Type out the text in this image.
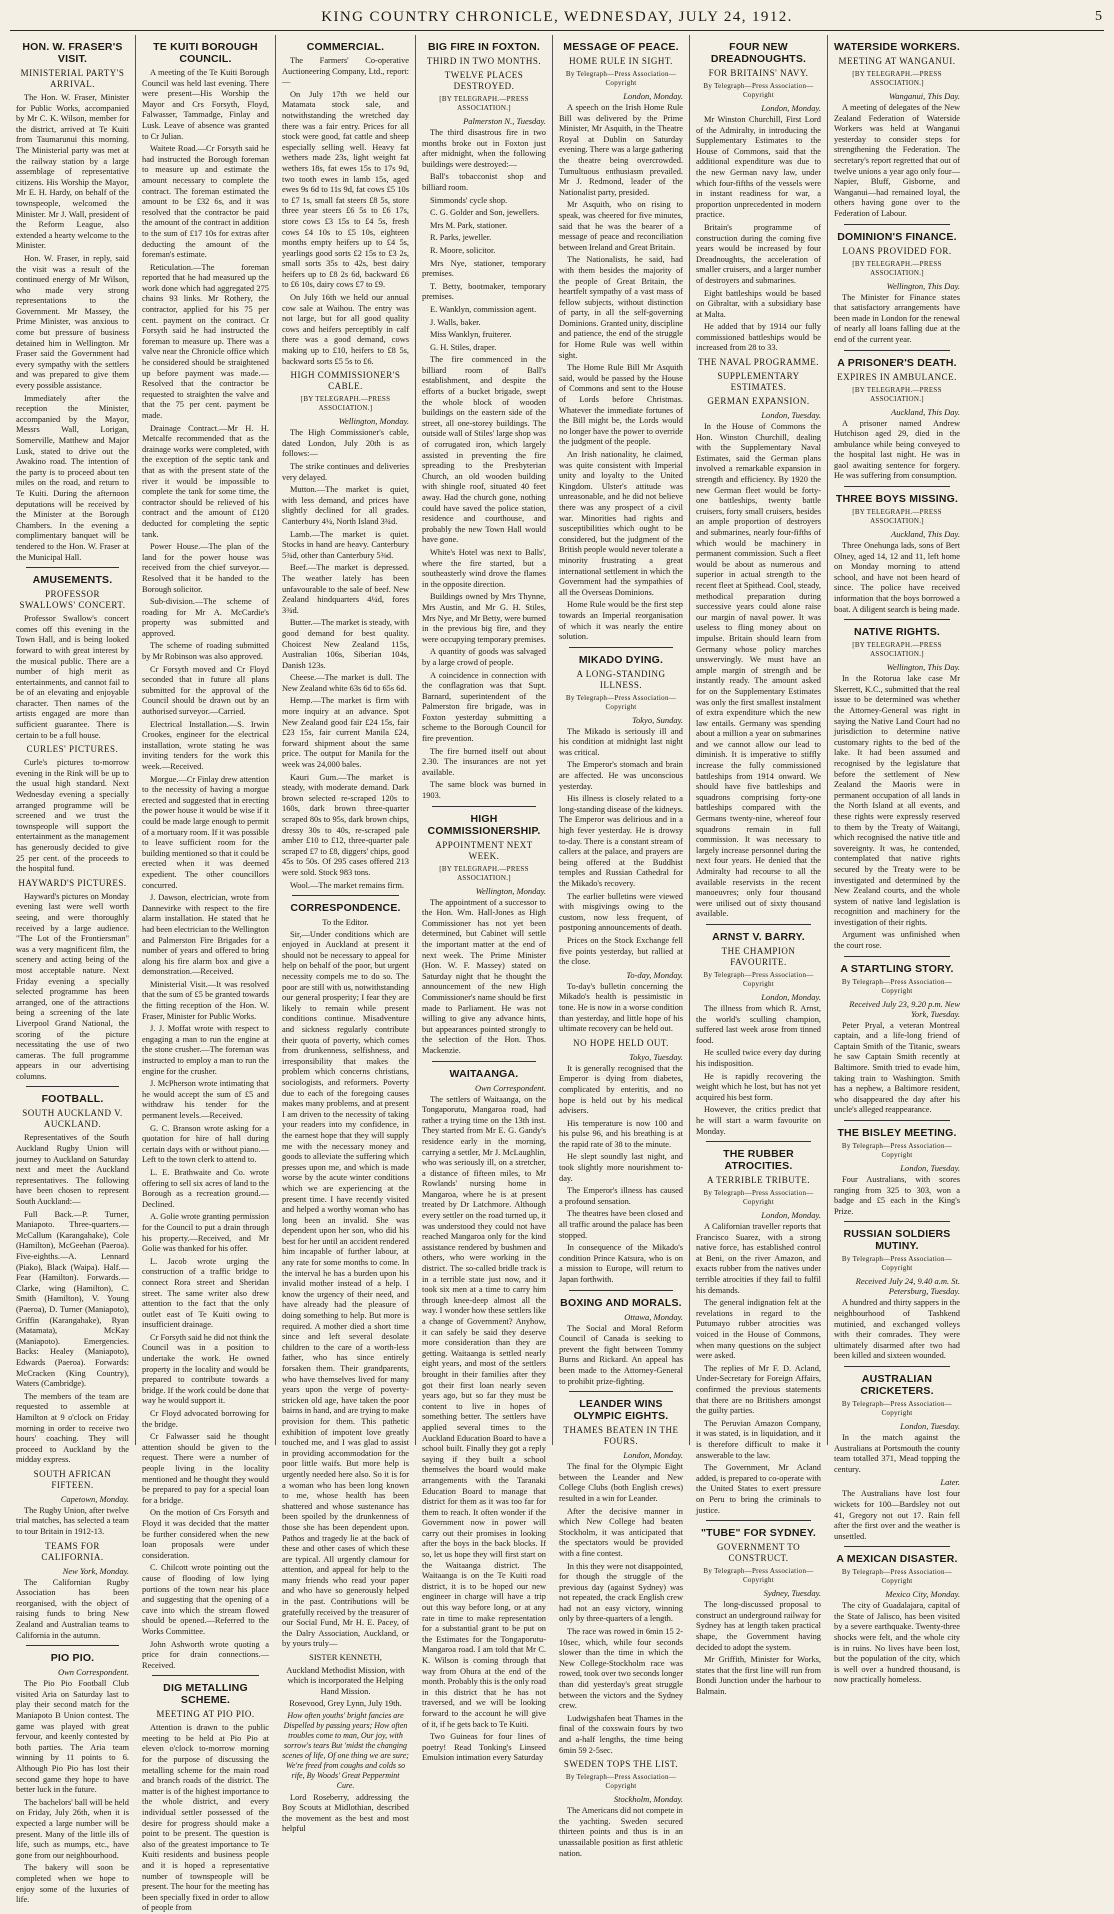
KING COUNTRY CHRONICLE, WEDNESDAY, JULY 24, 1912.	5
HON. W. FRASER'S VISIT.
MINISTERIAL PARTY'S ARRIVAL.

The Hon. W. Fraser, Minister for Public Works, accompanied by Mr C. K. Wilson, member for the district, arrived at Te Kuiti from Taumarunui this morning. The Ministerial party was met at the railway station by a large assemblage of representative citizens. His Worship the Mayor, Mr E. H. Hardy, on behalf of the townspeople, welcomed the Minister. Mr J. Wall, president of the Reform League, also extended a hearty welcome to the Minister.

Hon. W. Fraser, in reply, said the visit was a result of the continued energy of Mr Wilson, who made very strong representations to the Government. Mr Massey, the Prime Minister, was anxious to come but pressure of business detained him in Wellington. Mr Fraser said the Government had every sympathy with the settlers and was prepared to give them every possible assistance.

Immediately after the reception the Minister, accompanied by the Mayor, Messrs Wall, Lorigan, Somerville, Matthew and Major Lusk, stated to drive out the Awakino road. The intention of the party is to proceed about ten miles on the road, and return to Te Kuiti. During the afternoon deputations will be received by the Minister at the Borough Chambers. In the evening a complimentary banquet will be tendered to the Hon. W. Fraser at the Municipal Hall.

AMUSEMENTS.
PROFESSOR SWALLOWS' CONCERT.

Professor Swallow's concert comes off this evening in the Town Hall, and is being looked forward to with great interest by the musical public. There are a number of high merit as entertainments, and cannot fail to be of an elevating and enjoyable character. Then names of the artists engaged are more than sufficient guarantee. There is certain to be a full house.

CURLES' PICTURES.

Curle's pictures to-morrow evening in the Rink will be up to the usual high standard. Next Wednesday evening a specially arranged programme will be screened and we trust the townspeople will support the entertainment as the management has generously decided to give 25 per cent. of the proceeds to the hospital fund.

HAYWARD'S PICTURES.

Hayward's pictures on Monday evening last were well worth seeing, and were thoroughly received by a large audience. "The Lot of the Frontiersman" was a very magnificent film, the scenery and acting being of the most acceptable nature. Next Friday evening a specially selected programme has been arranged, one of the attractions being a screening of the late Liverpool Grand National, the scoring of the picture necessitating the use of two cameras. The full programme appears in our advertising columns.

FOOTBALL.
SOUTH AUCKLAND V. AUCKLAND.

Representatives of the South Auckland Rugby Union will journey to Auckland on Saturday next and meet the Auckland representatives. The following have been chosen to represent South Auckland:—

Full Back.—P. Turner, Maniapoto. Three-quarters.—McCallum (Karangahake), Cole (Hamilton), McGeehan (Paeroa). Five-eighths.—A. Lennard (Piako), Black (Waipa). Half.—Fear (Hamilton). Forwards.—Clarke, wing (Hamilton), C. Smith (Hamilton), V. Young (Paeroa), D. Turner (Maniapoto), Griffin (Karangahake), Ryan (Matamata), McKay (Maniapoto). Emergencies. Backs: Healey (Maniapoto), Edwards (Paeroa). Forwards: McCracken (King Country), Waters (Cambridge).

The members of the team are requested to assemble at Hamilton at 9 o'clock on Friday morning in order to receive two hours' coaching. They will proceed to Auckland by the midday express.

SOUTH AFRICAN FIFTEEN.
Capetown, Monday.

The Rugby Union, after twelve trial matches, has selected a team to tour Britain in 1912-13.

TEAMS FOR CALIFORNIA.
New York, Monday.

The Californian Rugby Association has been reorganised, with the object of raising funds to bring New Zealand and Australian teams to California in the autumn.

PIO PIO.
Own Correspondent.

The Pio Pio Football Club visited Aria on Saturday last to play their second match for the Maniapoto B Union contest. The game was played with great fervour, and keenly contested by both parties. The Aria team winning by 11 points to 6. Although Pio Pio has lost their second game they hope to have better luck in the future.

The bachelors' ball will be held on Friday, July 26th, when it is expected a large number will be present. Many of the little ills of life, such as mumps, etc., have gone from our neighbourhood.

The bakery will soon be completed when we hope to enjoy some of the luxuries of life.

TE KUITI BOROUGH COUNCIL.

A meeting of the Te Kuiti Borough Council was held last evening. There were present—His Worship the Mayor and Crs Forsyth, Floyd, Falwasser, Tammadge, Finlay and Lusk. Leave of absence was granted to Cr Julian.

Waitete Road.—Cr Forsyth said he had instructed the Borough foreman to measure up and estimate the amount necessary to complete the contract. The foreman estimated the amount to be £32 6s, and it was resolved that the contractor be paid the amount of the contract in addition to the sum of £17 10s for extras after deducting the amount of the foreman's estimate.

Reticulation.—The foreman reported that he had measured up the work done which had aggregated 275 chains 93 links. Mr Rothery, the contractor, applied for his 75 per cent. payment on the contract. Cr Forsyth said he had instructed the foreman to measure up. There was a valve near the Chronicle office which he considered should be straightened up before payment was made.—Resolved that the contractor be requested to straighten the valve and that the 75 per cent. payment be made.

Drainage Contract.—Mr H. H. Metcalfe recommended that as the drainage works were completed, with the exception of the septic tank and that as with the present state of the river it would be impossible to complete the tank for some time, the contractor should be relieved of his contract and the amount of £120 deducted for completing the septic tank.

Power House.—The plan of the land for the power house was received from the chief surveyor.—Resolved that it be handed to the Borough solicitor.

Sub-division.—The scheme of roading for Mr A. McCardie's property was submitted and approved.

The scheme of roading submitted by Mr Robinson was also approved.

Cr Forsyth moved and Cr Floyd seconded that in future all plans submitted for the approval of the Council should be drawn out by an authorised surveyor.—Carried.

Electrical Installation.—S. Irwin Crookes, engineer for the electrical installation, wrote stating he was inviting tenders for the work this week.—Received.

Morgue.—Cr Finlay drew attention to the necessity of having a morgue erected and suggested that in erecting the power house it would be wise if it could be made large enough to permit of a mortuary room. If it was possible to leave sufficient room for the building mentioned so that it could be erected when it was deemed expedient. The other councillors concurred.

J. Dawson, electrician, wrote from Dannevirke with respect to the fire alarm installation. He stated that he had been electrician to the Wellington and Palmerston Fire Brigades for a number of years and offered to bring along his fire alarm box and give a demonstration.—Received.

Ministerial Visit.—It was resolved that the sum of £5 be granted towards the fitting reception of the Hon. W. Fraser, Minister for Public Works.

J. J. Moffat wrote with respect to engaging a man to run the engine at the stone crusher.—The foreman was instructed to employ a man to run the engine for the crusher.

J. McPherson wrote intimating that he would accept the sum of £5 and withdraw his tender for the permanent levels.—Received.

G. C. Branson wrote asking for a quotation for hire of hall during certain days with or without piano.—Left to the town clerk to attend to.

L. E. Brathwaite and Co. wrote offering to sell six acres of land to the Borough as a recreation ground.—Declined.

A. Golie wrote granting permission for the Council to put a drain through his property.—Received, and Mr Golie was thanked for his offer.

L. Jacob wrote urging the construction of a traffic bridge to connect Rora street and Sheridan street. The same writer also drew attention to the fact that the only outlet east of Te Kuiti owing to insufficient drainage.

Cr Forsyth said he did not think the Council was in a position to undertake the work. He owned property in the locality and would be prepared to contribute towards a bridge. If the work could be done that way he would support it.

Cr Floyd advocated borrowing for the bridge.

Cr Falwasser said he thought attention should be given to the request. There were a number of people living in the locality mentioned and he thought they would be prepared to pay for a special loan for a bridge.

On the motion of Crs Forsyth and Floyd it was decided that the matter be further considered when the new loan proposals were under consideration.

C. Chilcott wrote pointing out the cause of flooding of low lying portions of the town near his place and suggesting that the opening of a cave into which the stream flowed should be opened.—Referred to the Works Committee.

John Ashworth wrote quoting a price for drain connections.—Received.

DIG METALLING SCHEME.
MEETING AT PIO PIO.

Attention is drawn to the public meeting to be held at Pio Pio at eleven o'clock to-morrow morning for the purpose of discussing the metalling scheme for the main road and branch roads of the district. The matter is of the highest importance to the whole district, and every individual settler possessed of the desire for progress should make a point to be present. The question is also of the greatest importance to Te Kuiti residents and business people and it is hoped a representative number of townspeople will be present. The hour for the meeting has been specially fixed in order to allow of people from

COMMERCIAL.

The Farmers' Co-operative Auctioneering Company, Ltd., report:—

On July 17th we held our Matamata stock sale, and notwithstanding the wretched day there was a fair entry. Prices for all stock were good, fat cattle and sheep especially selling well. Heavy fat wethers made 23s, light weight fat wethers 18s, fat ewes 15s to 17s 9d, two tooth ewes in lamb 15s, aged ewes 9s 6d to 11s 9d, fat cows £5 10s to £7 1s, small fat steers £8 5s, store three year steers £6 5s to £6 17s, store cows £3 15s to £4 5s, fresh cows £4 10s to £5 10s, eighteen months empty heifers up to £4 5s, yearlings good sorts £2 15s to £3 2s, small sorts 35s to 42s, best dairy heifers up to £8 2s 6d, backward £6 to £6 10s, dairy cows £7 to £9.

On July 16th we held our annual cow sale at Waihou. The entry was not large, but for all good quality cows and heifers perceptibly in calf there was a good demand, cows making up to £10, heifers to £8 5s, backward sorts £5 5s to £6.

HIGH COMMISSIONER'S CABLE.
[BY TELEGRAPH.—PRESS ASSOCIATION.]
Wellington, Monday.

The High Commissioner's cable, dated London, July 20th is as follows:—

The strike continues and deliveries very delayed.

Mutton.—The market is quiet, with less demand, and prices have slightly declined for all grades. Canterbury 4¼, North Island 3¾d.

Lamb.—The market is quiet. Stocks in hand are heavy. Canterbury 5¾d, other than Canterbury 5⅜d.

Beef.—The market is depressed. The weather lately has been unfavourable to the sale of beef. New Zealand hindquarters 4¼d, fores 3¾d.

Butter.—The market is steady, with good demand for best quality. Choicest New Zealand 115s, Australian 106s, Siberian 104s, Danish 123s.

Cheese.—The market is dull. The New Zealand white 63s 6d to 65s 6d.

Hemp.—The market is firm with more inquiry at an advance. Spot New Zealand good fair £24 15s, fair £23 15s, fair current Manila £24, forward shipment about the same price. The output for Manila for the week was 24,000 bales.

Kauri Gum.—The market is steady, with moderate demand. Dark brown selected re-scraped 120s to 160s, dark brown three-quarter scraped 80s to 95s, dark brown chips, dressy 30s to 40s, re-scraped pale amber £10 to £12, three-quarter pale scraped £7 to £8, diggers' chips, good 45s to 50s. Of 295 cases offered 213 were sold. Stock 983 tons.

Wool.—The market remains firm.

CORRESPONDENCE.
To the Editor.

Sir,—Under conditions which are enjoyed in Auckland at present it should not be necessary to appeal for help on behalf of the poor, but urgent necessity compels me to do so. The poor are still with us, notwithstanding our general prosperity; I fear they are likely to remain while present conditions continue. Misadventure and sickness regularly contribute their quota of poverty, which comes from drunkenness, selfishness, and irresponsibility that makes the problem which concerns christians, sociologists, and reformers. Poverty due to each of the foregoing causes makes many problems, and at present I am driven to the necessity of taking your readers into my confidence, in the earnest hope that they will supply me with the necessary money and goods to alleviate the suffering which presses upon me, and which is made worse by the acute winter conditions which we are experiencing at the present time. I have recently visited and helped a worthy woman who has long been an invalid. She was dependent upon her son, who did his best for her until an accident rendered him incapable of further labour, at any rate for some months to come. In the interval he has a burden upon his invalid mother instead of a help. I know the urgency of their need, and have already had the pleasure of doing something to help. But more is required. A mother died a short time since and left several desolate children to the care of a worth-less father, who has since entirely forsaken them. Their grandparents, who have themselves lived for many years upon the verge of poverty-stricken old age, have taken the poor bairns in hand, and are trying to make provision for them. This pathetic exhibition of impotent love greatly touched me, and I was glad to assist in providing accommodation for the poor little waifs. But more help is urgently needed here also. So it is for a woman who has been long known to me, whose health has been shattered and whose sustenance has been spoiled by the drunkenness of those she has been dependent upon. Pathos and tragedy lie at the back of these and other cases of which these are typical. All urgently clamour for attention, and appeal for help to the many friends who read your paper and who have so generously helped in the past. Contributions will be gratefully received by the treasurer of our Social Fund, Mr H. E. Pacey, of the Dalry Association, Auckland, or by yours truly—

SISTER KENNETH,
Auckland Methodist Mission, with which is incorporated the Helping Hand Mission.
Rosevood, Grey Lynn, July 19th.
How often youths' bright fancies are Dispelled by passing years; How often troubles come to man, Our joy, with sorrow's tears But 'midst the changing scenes of life, Of one thing we are sure; We're freed from coughs and colds so rife, By Woods' Great Peppermint Cure.

Lord Roseberry, addressing the Boy Scouts at Midlothian, described the movement as the best and most helpful

BIG FIRE IN FOXTON.
THIRD IN TWO MONTHS.
TWELVE PLACES DESTROYED.
[BY TELEGRAPH.—PRESS ASSOCIATION.]
Palmerston N., Tuesday.

The third disastrous fire in two months broke out in Foxton just after midnight, when the following buildings were destroyed:—

Ball's tobacconist shop and billiard room.

Simmonds' cycle shop.

C. G. Golder and Son, jewellers.

Mrs M. Park, stationer.

R. Parks, jeweller.

R. Moore, solicitor.

Mrs Nye, stationer, temporary premises.

T. Betty, bootmaker, temporary premises.

E. Wanklyn, commission agent.

J. Walls, baker.

Miss Wanklyn, fruiterer.

G. H. Stiles, draper.

The fire commenced in the billiard room of Ball's establishment, and despite the efforts of a bucket brigade, swept the whole block of wooden buildings on the eastern side of the street, all one-storey buildings. The outside wall of Stiles' large shop was of corrugated iron, which largely assisted in preventing the fire spreading to the Presbyterian Church, an old wooden building with shingle roof, situated 40 feet away. Had the church gone, nothing could have saved the police station, residence and courthouse, and probably the new Town Hall would have gone.

White's Hotel was next to Balls', where the fire started, but a southeasterly wind drove the flames in the opposite direction.

Buildings owned by Mrs Thynne, Mrs Austin, and Mr G. H. Stiles, Mrs Nye, and Mr Betty, were burned in the previous big fire, and they were occupying temporary premises.

A quantity of goods was salvaged by a large crowd of people.

A coincidence in connection with the conflagration was that Supt. Barnard, superintendent of the Palmerston fire brigade, was in Foxton yesterday submitting a scheme to the Borough Council for fire prevention.

The fire burned itself out about 2.30. The insurances are not yet available.

The same block was burned in 1903.

HIGH COMMISSIONERSHIP.
APPOINTMENT NEXT WEEK.
[BY TELEGRAPH.—PRESS ASSOCIATION.]
Wellington, Monday.

The appointment of a successor to the Hon. Wm. Hall-Jones as High Commissioner has not yet been determined, but Cabinet will settle the important matter at the end of next week. The Prime Minister (Hon. W. F. Massey) stated on Saturday night that he thought the announcement of the new High Commissioner's name should be first made to Parliament. He was not willing to give any advance hints, but appearances pointed strongly to the selection of the Hon. Thos. Mackenzie.

WAITAANGA.
Own Correspondent.

The settlers of Waitaanga, on the Tongaporutu, Mangaroa road, had rather a trying time on the 13th inst. They started from Mr E. G. Gandy's residence early in the morning, carrying a settler, Mr J. McLaughlin, who was seriously ill, on a stretcher, a distance of fifteen miles, to Mr Rowlands' nursing home in Mangaroa, where he is at present treated by Dr Latchmore. Although every settler on the road turned up, it was understood they could not have reached Mangaroa only for the kind assistance rendered by bushmen and others, who were working in the district. The so-called bridle track is in a terrible state just now, and it took six men at a time to carry him through knee-deep almost all the way. I wonder how these settlers like a change of Government? Anyhow, it can safely be said they deserve more consideration than they are getting. Waitaanga is settled nearly eight years, and most of the settlers brought in their families after they got their first loan nearly seven years ago, but so far they must be content to live in hopes of something better. The settlers have applied several times to the Auckland Education Board to have a school built. Finally they got a reply saying if they built a school themselves the board would make arrangements with the Taranaki Education Board to manage that district for them as it was too far for them to reach. It often wonder if the Government now in power will carry out their promises in looking after the boys in the back blocks. If so, let us hope they will first start on the Waitaanga district. The Waitaanga is on the Te Kuiti road district, it is to be hoped our new engineer in charge will have a trip out this way before long, or at any rate in time to make representation for a substantial grant to be put on the Estimates for the Tongaporutu-Mangaroa road. I am told that Mr C. K. Wilson is coming through that way from Ohura at the end of the month. Probably this is the only road in this district that he has not traversed, and we will be looking forward to the account he will give of it, if he gets back to Te Kuiti.

Two Guineas for four lines of poetry! Read Tonking's Linseed Emulsion intimation every Saturday

MESSAGE OF PEACE.
HOME RULE IN SIGHT.
By Telegraph—Press Association—Copyright
London, Monday.

A speech on the Irish Home Rule Bill was delivered by the Prime Minister, Mr Asquith, in the Theatre Royal at Dublin on Saturday evening. There was a large gathering the theatre being overcrowded. Tumultuous enthusiasm prevailed. Mr J. Redmond, leader of the Nationalist party, presided.

Mr Asquith, who on rising to speak, was cheered for five minutes, said that he was the bearer of a message of peace and reconciliation between Ireland and Great Britain.

The Nationalists, he said, had with them besides the majority of the people of Great Britain, the heartfelt sympathy of a vast mass of fellow subjects, without distinction of party, in all the self-governing Dominions. Granted unity, discipline and patience, the end of the struggle for Home Rule was well within sight.

The Home Rule Bill Mr Asquith said, would be passed by the House of Commons and sent to the House of Lords before Christmas. Whatever the immediate fortunes of the Bill might be, the Lords would no longer have the power to override the judgment of the people.

An Irish nationality, he claimed, was quite consistent with Imperial unity and loyalty to the United Kingdom. Ulster's attitude was unreasonable, and he did not believe there was any prospect of a civil war. Minorities had rights and susceptibilities which ought to be considered, but the judgment of the British people would never tolerate a minority frustrating a great international settlement in which the Government had the sympathies of all the Overseas Dominions.

Home Rule would be the first step towards an Imperial reorganisation of which it was nearly the entire solution.

MIKADO DYING.
A LONG-STANDING ILLNESS.
By Telegraph—Press Association—Copyright
Tokyo, Sunday.

The Mikado is seriously ill and his condition at midnight last night was critical.

The Emperor's stomach and brain are affected. He was unconscious yesterday.

His illness is closely related to a long-standing disease of the kidneys. The Emperor was delirious and in a high fever yesterday. He is drowsy to-day. There is a constant stream of callers at the palace, and prayers are being offered at the Buddhist temples and Russian Cathedral for the Mikado's recovery.

The earlier bulletins were viewed with misgivings owing to the custom, now less frequent, of postponing announcements of death.

Prices on the Stock Exchange fell five points yesterday, but rallied at the close.

To-day, Monday.

To-day's bulletin concerning the Mikado's health is pessimistic in tone. He is now in a worse condition than yesterday, and little hope of his ultimate recovery can be held out.

NO HOPE HELD OUT.
Tokyo, Tuesday.

It is generally recognised that the Emperor is dying from diabetes, complicated by enteritis, and no hope is held out by his medical advisers.

His temperature is now 100 and his pulse 96, and his breathing is at the rapid rate of 38 to the minute.

He slept soundly last night, and took slightly more nourishment to-day.

The Emperor's illness has caused a profound sensation.

The theatres have been closed and all traffic around the palace has been stopped.

In consequence of the Mikado's condition Prince Katsura, who is on a mission to Europe, will return to Japan forthwith.

BOXING AND MORALS.
Ottawa, Monday.

The Social and Moral Reform Council of Canada is seeking to prevent the fight between Tommy Burns and Rickard. An appeal has been made to the Attorney-General to prohibit prize-fighting.

LEANDER WINS OLYMPIC EIGHTS.
THAMES BEATEN IN THE FOURS.
London, Monday.

The final for the Olympic Eight between the Leander and New College Clubs (both English crews) resulted in a win for Leander.

After the decisive manner in which New College had beaten Stockholm, it was anticipated that the spectators would be provided with a fine contest.

In this they were not disappointed, for though the struggle of the previous day (against Sydney) was not repeated, the crack English crew had not an easy victory, winning only by three-quarters of a length.

The race was rowed in 6min 15 2-10sec, which, while four seconds slower than the time in which the New College-Stockholm race was rowed, took over two seconds longer than did yesterday's great struggle between the victors and the Sydney crew.

Ludwigshafen beat Thames in the final of the coxswain fours by two and a-half lengths, the time being 6min 59 2-5sec.

SWEDEN TOPS THE LIST.
By Telegraph—Press Association—Copyright
Stockholm, Monday.

The Americans did not compete in the yachting. Sweden secured thirteen points and thus is in an unassailable position as first athletic nation.

FOUR NEW DREADNOUGHTS.
FOR BRITAINS' NAVY.
By Telegraph—Press Association—Copyright
London, Monday.

Mr Winston Churchill, First Lord of the Admiralty, in introducing the Supplementary Estimates to the House of Commons, said that the additional expenditure was due to the new German navy law, under which four-fifths of the vessels were in instant readiness for war, a proportion unprecedented in modern practice.

Britain's programme of construction during the coming five years would be increased by four Dreadnoughts, the acceleration of smaller cruisers, and a larger number of destroyers and submarines.

Eight battleships would be based on Gibraltar, with a subsidiary base at Malta.

He added that by 1914 our fully commissioned battleships would be increased from 28 to 33.

THE NAVAL PROGRAMME.
SUPPLEMENTARY ESTIMATES.
GERMAN EXPANSION.
London, Tuesday.

In the House of Commons the Hon. Winston Churchill, dealing with the Supplementary Naval Estimates, said the German plans involved a remarkable expansion in strength and efficiency. By 1920 the new German fleet would be forty-one battleships, twenty battle cruisers, forty small cruisers, besides an ample proportion of destroyers and submarines, nearly four-fifths of which would be machinery in permanent commission. Such a fleet would be about as numerous and superior in actual strength to the recent fleet at Spithead. Cool, steady, methodical preparation during successive years could alone raise our margin of naval power. It was useless to fling money about on impulse. Britain should learn from Germany whose policy marches unswervingly. We must have an ample margin of strength and be instantly ready. The amount asked for on the Supplementary Estimates was only the first smallest instalment of extra expenditure which the new law entails. Germany was spending about a million a year on submarines and we cannot allow our lead to diminish. It is imperative to stiffly increase the fully commissioned battleships from 1914 onward. We should have five battleships and squadrons comprising forty-one battleships compared with the Germans twenty-nine, whereof four squadrons remain in full commission. It was necessary to largely increase personnel during the next four years. He denied that the Admiralty had recourse to all the available reservists in the recent manoeuvres; only four thousand were utilised out of sixty thousand available.

ARNST V. BARRY.
THE CHAMPION FAVOURITE.
By Telegraph—Press Association—Copyright
London, Monday.

The illness from which R. Arnst, the world's sculling champion, suffered last week arose from tinned food.

He sculled twice every day during his indisposition.

He is rapidly recovering the weight which he lost, but has not yet acquired his best form.

However, the critics predict that he will start a warm favourite on Monday.

THE RUBBER ATROCITIES.
A TERRIBLE TRIBUTE.
By Telegraph—Press Association—Copyright
London, Monday.

A Californian traveller reports that Francisco Suarez, with a strong native force, has established control at Beni, on the river Amazon, and exacts rubber from the natives under terrible atrocities if they fail to fulfil his demands.

The general indignation felt at the revelations in regard to the Putumayo rubber atrocities was voiced in the House of Commons, when many questions on the subject were asked.

The replies of Mr F. D. Acland, Under-Secretary for Foreign Affairs, confirmed the previous statements that there are no Britishers amongst the guilty parties.

The Peruvian Amazon Company, it was stated, is in liquidation, and it is therefore difficult to make it answerable to the law.

The Government, Mr Acland added, is prepared to co-operate with the United States to exert pressure on Peru to bring the criminals to justice.

"TUBE" FOR SYDNEY.
GOVERNMENT TO CONSTRUCT.
By Telegraph—Press Association—Copyright
Sydney, Tuesday.

The long-discussed proposal to construct an underground railway for Sydney has at length taken practical shape, the Government having decided to adopt the system.

Mr Griffith, Minister for Works, states that the first line will run from Bondi Junction under the harbour to Balmain.

WATERSIDE WORKERS.
MEETING AT WANGANUI.
[BY TELEGRAPH.—PRESS ASSOCIATION.]
Wanganui, This Day.

A meeting of delegates of the New Zealand Federation of Waterside Workers was held at Wanganui yesterday to consider steps for strengthening the Federation. The secretary's report regretted that out of twelve unions a year ago only four—Napier, Bluff, Gisborne, and Wanganui—had remained loyal, the others having gone over to the Federation of Labour.

DOMINION'S FINANCE.
LOANS PROVIDED FOR.
[BY TELEGRAPH.—PRESS ASSOCIATION.]
Wellington, This Day.

The Minister for Finance states that satisfactory arrangements have been made in London for the renewal of nearly all loans falling due at the end of the current year.

A PRISONER'S DEATH.
EXPIRES IN AMBULANCE.
[BY TELEGRAPH.—PRESS ASSOCIATION.]
Auckland, This Day.

A prisoner named Andrew Hutchison aged 29, died in the ambulance while being conveyed to the hospital last night. He was in gaol awaiting sentence for forgery. He was suffering from consumption.

THREE BOYS MISSING.
[BY TELEGRAPH.—PRESS ASSOCIATION.]
Auckland, This Day.

Three Onehunga lads, sons of Bert Olney, aged 14, 12 and 11, left home on Monday morning to attend school, and have not been heard of since. The police have received information that the boys borrowed a boat. A diligent search is being made.

NATIVE RIGHTS.
[BY TELEGRAPH.—PRESS ASSOCIATION.]
Wellington, This Day.

In the Rotorua lake case Mr Skerrett, K.C., submitted that the real issue to be determined was whether the Attorney-General was right in saying the Native Land Court had no jurisdiction to determine native customary rights to the bed of the lake. It had been assumed and recognised by the legislature that before the settlement of New Zealand the Maoris were in permanent occupation of all lands in the North Island at all events, and these rights were expressly reserved to them by the Treaty of Waitangi, which recognised the native title and sovereignty. It was, he contended, contemplated that native rights secured by the Treaty were to be investigated and determined by the New Zealand courts, and the whole system of native land legislation is recognition and machinery for the investigation of their rights.

Argument was unfinished when the court rose.

A STARTLING STORY.
By Telegraph—Press Association—Copyright
Received July 23, 9.20 p.m. New York, Tuesday.

Peter Pryal, a veteran Montreal captain, and a life-long friend of Captain Smith of the Titanic, swears he saw Captain Smith recently at Baltimore. Smith tried to evade him, taking train to Washington. Smith has a nephew, a Baltimore resident, who disappeared the day after his uncle's alleged reappearance.

THE BISLEY MEETING.
By Telegraph—Press Association—Copyright
London, Tuesday.

Four Australians, with scores ranging from 325 to 303, won a badge and £5 each in the King's Prize.

RUSSIAN SOLDIERS MUTINY.
By Telegraph—Press Association—Copyright
Received July 24, 9.40 a.m. St. Petersburg, Tuesday.

A hundred and thirty sappers in the neighbourhood of Tashkend mutinied, and exchanged volleys with their comrades. They were ultimately disarmed after two had been killed and sixteen wounded.

AUSTRALIAN CRICKETERS.
By Telegraph—Press Association—Copyright
London, Tuesday.

In the match against the Australians at Portsmouth the county team totalled 371, Mead topping the century.

Later.

The Australians have lost four wickets for 100—Bardsley not out 41, Gregory not out 17. Rain fell after the first over and the weather is unsettled.

A MEXICAN DISASTER.
By Telegraph—Press Association—Copyright
Mexico City, Monday.

The city of Guadalajara, capital of the State of Jalisco, has been visited by a severe earthquake. Twenty-three shocks were felt, and the whole city is in ruins. No lives have been lost, but the population of the city, which is well over a hundred thousand, is now practically homeless.
